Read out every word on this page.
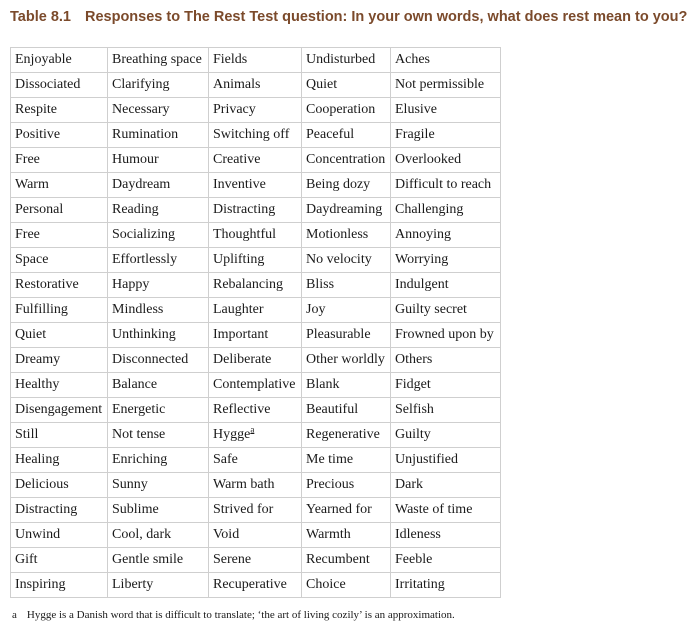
Table 8.1 Responses to The Rest Test question: In your own words, what does rest mean to you?
Enjoyable	Breathing space	Fields	Undisturbed	Aches
Dissociated	Clarifying	Animals	Quiet	Not permissible
Respite	Necessary	Privacy	Cooperation	Elusive
Positive	Rumination	Switching off	Peaceful	Fragile
Free	Humour	Creative	Concentration	Overlooked
Warm	Daydream	Inventive	Being dozy	Difficult to reach
Personal	Reading	Distracting	Daydreaming	Challenging
Free	Socializing	Thoughtful	Motionless	Annoying
Space	Effortlessly	Uplifting	No velocity	Worrying
Restorative	Happy	Rebalancing	Bliss	Indulgent
Fulfilling	Mindless	Laughter	Joy	Guilty secret
Quiet	Unthinking	Important	Pleasurable	Frowned upon by
Dreamy	Disconnected	Deliberate	Other worldly	Others
Healthy	Balance	Contemplative	Blank	Fidget
Disengagement	Energetic	Reflective	Beautiful	Selfish
Still	Not tense	Hygge$^a$	Regenerative	Guilty
Healing	Enriching	Safe	Me time	Unjustified
Delicious	Sunny	Warm bath	Precious	Dark
Distracting	Sublime	Strived for	Yearned for	Waste of time
Unwind	Cool, dark	Void	Warmth	Idleness
Gift	Gentle smile	Serene	Recumbent	Feeble
Inspiring	Liberty	Recuperative	Choice	Irritating
a Hygge is a Danish word that is difficult to translate; ‘the art of living cozily’ is an approximation.
